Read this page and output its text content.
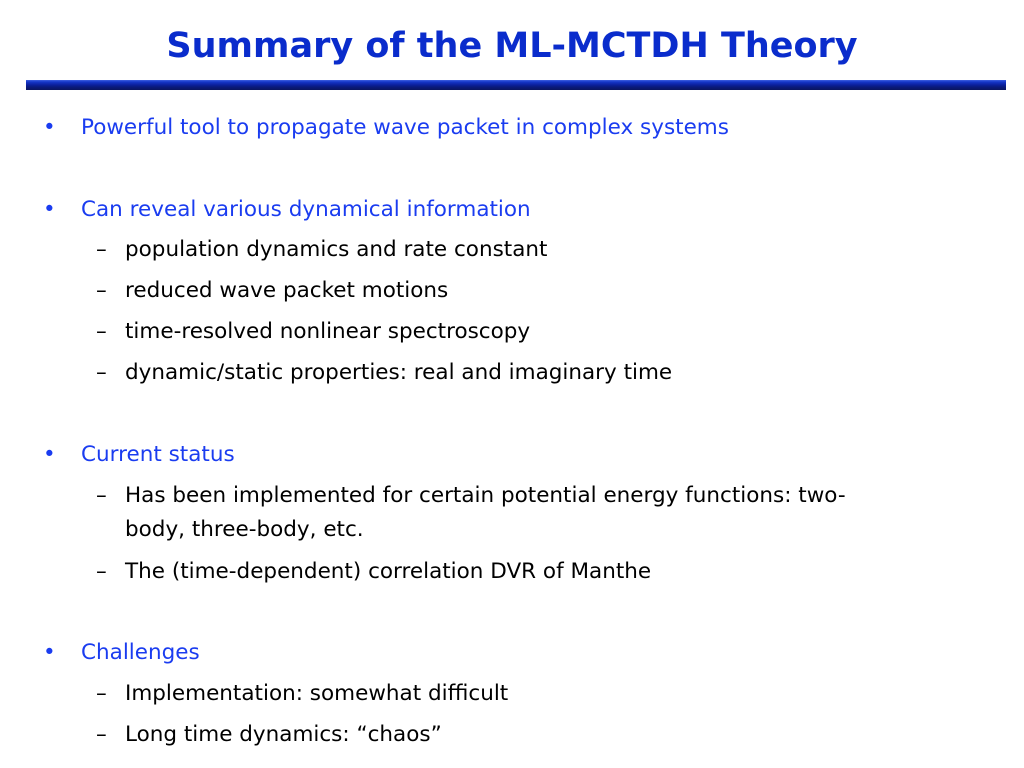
Summary of the ML-MCTDH Theory
• Powerful tool to propagate wave packet in complex systems
• Can reveal various dynamical information
– population dynamics and rate constant
– reduced wave packet motions
– time-resolved nonlinear spectroscopy
– dynamic/static properties: real and imaginary time
• Current status
– Has been implemented for certain potential energy functions: two-
body, three-body, etc.
– The (time-dependent) correlation DVR of Manthe
• Challenges
– Implementation: somewhat difficult
– Long time dynamics: “chaos”
